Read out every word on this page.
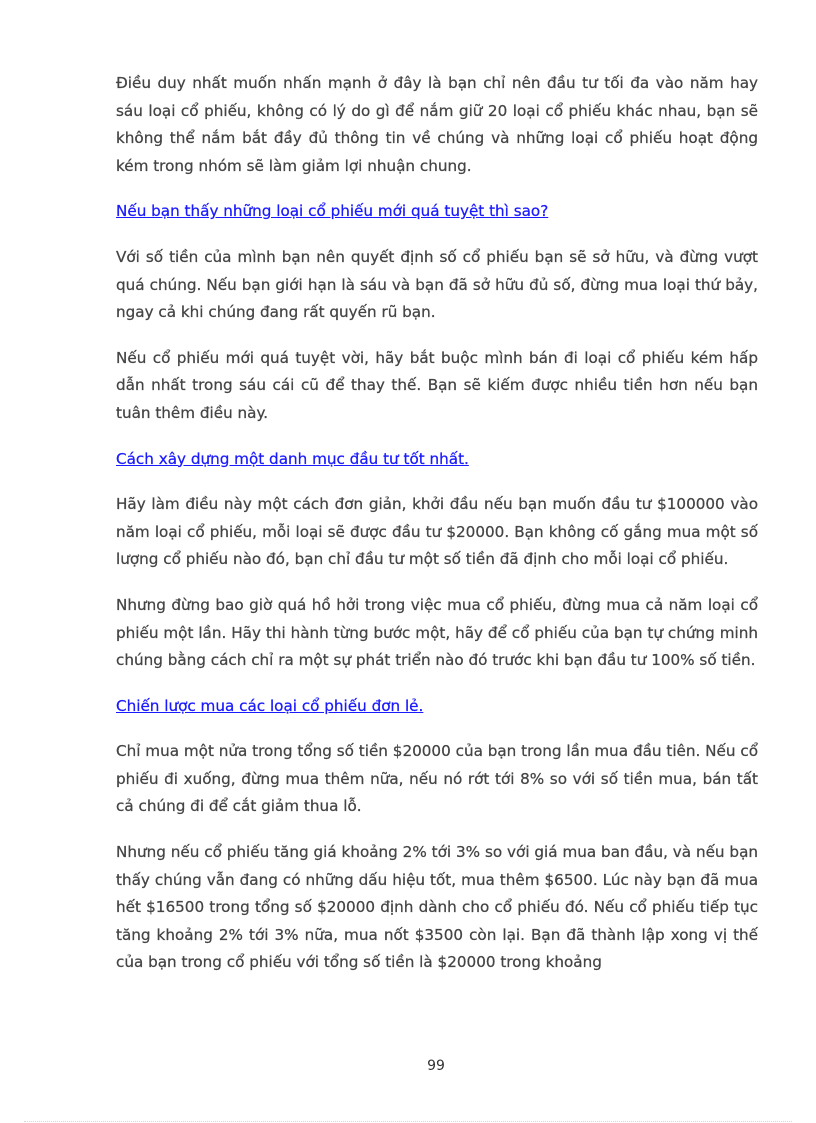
Điều duy nhất muốn nhấn mạnh ở đây là bạn chỉ nên đầu tư tối đa vào năm hay sáu loại cổ phiếu, không có lý do gì để nắm giữ 20 loại cổ phiếu khác nhau, bạn sẽ không thể nắm bắt đầy đủ thông tin về chúng và những loại cổ phiếu hoạt động kém trong nhóm sẽ làm giảm lợi nhuận chung.

Nếu bạn thấy những loại cổ phiếu mới quá tuyệt thì sao?

Với số tiền của mình bạn nên quyết định số cổ phiếu bạn sẽ sở hữu, và đừng vượt quá chúng. Nếu bạn giới hạn là sáu và bạn đã sở hữu đủ số, đừng mua loại thứ bảy, ngay cả khi chúng đang rất quyến rũ bạn.

Nếu cổ phiếu mới quá tuyệt vời, hãy bắt buộc mình bán đi loại cổ phiếu kém hấp dẫn nhất trong sáu cái cũ để thay thế. Bạn sẽ kiếm được nhiều tiền hơn nếu bạn tuân thêm điều này.

Cách xây dựng một danh mục đầu tư tốt nhất.

Hãy làm điều này một cách đơn giản, khởi đầu nếu bạn muốn đầu tư $100000 vào năm loại cổ phiếu, mỗi loại sẽ được đầu tư $20000. Bạn không cố gắng mua một số lượng cổ phiếu nào đó, bạn chỉ đầu tư một số tiền đã định cho mỗi loại cổ phiếu.

Nhưng đừng bao giờ quá hồ hởi trong việc mua cổ phiếu, đừng mua cả năm loại cổ phiếu một lần. Hãy thi hành từng bước một, hãy để cổ phiếu của bạn tự chứng minh chúng bằng cách chỉ ra một sự phát triển nào đó trước khi bạn đầu tư 100% số tiền.

Chiến lược mua các loại cổ phiếu đơn lẻ.

Chỉ mua một nửa trong tổng số tiền $20000 của bạn trong lần mua đầu tiên. Nếu cổ phiếu đi xuống, đừng mua thêm nữa, nếu nó rớt tới 8% so với số tiền mua, bán tất cả chúng đi để cắt giảm thua lỗ.

Nhưng nếu cổ phiếu tăng giá khoảng 2% tới 3% so với giá mua ban đầu, và nếu bạn thấy chúng vẫn đang có những dấu hiệu tốt, mua thêm $6500. Lúc này bạn đã mua hết $16500 trong tổng số $20000 định dành cho cổ phiếu đó. Nếu cổ phiếu tiếp tục tăng khoảng 2% tới 3% nữa, mua nốt $3500 còn lại. Bạn đã thành lập xong vị thế của bạn trong cổ phiếu với tổng số tiền là $20000 trong khoảng

99
